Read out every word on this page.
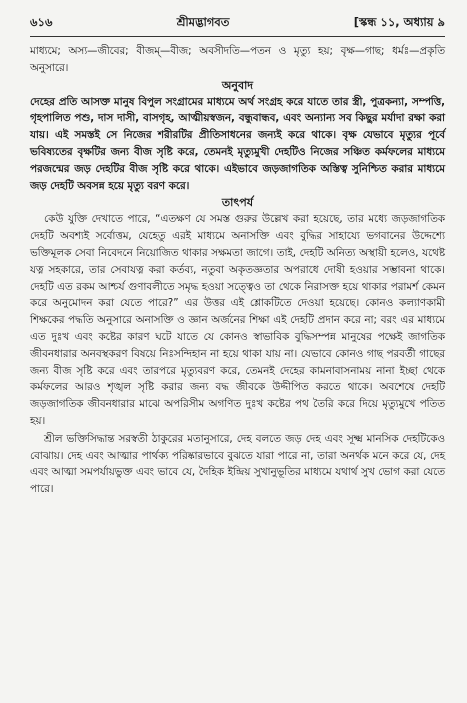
৬১৬	শ্রীমদ্ভাগবত	[স্কন্ধ ১১, অধ্যায় ৯

মাধ্যমে; অস্য—জীবের; বীজম্—বীজ; অবসীদতি—পতন ও মৃত্যু হয়; বৃক্ষ—গাছ; ধর্মঃ—প্রকৃতি অনুসারে।

অনুবাদ

দেহের প্রতি আসক্ত মানুষ বিপুল সংগ্রামের মাধ্যমে অর্থ সংগ্রহ করে যাতে তার স্ত্রী, পুত্রকন্যা, সম্পত্তি, গৃহপালিত পশু, দাস দাসী, বাসগৃহ, আত্মীয়স্বজন, বন্ধুবান্ধব, এবং অন্যান্য সব কিছুর মর্যাদা রক্ষা করা যায়। এই সমস্তই সে নিজের শরীরটির প্রীতিসাধনের জন্যই করে থাকে। বৃক্ষ যেভাবে মৃত্যুর পূর্বে ভবিষ্যতের বৃক্ষটির জন্য বীজ সৃষ্টি করে, তেমনই মৃত্যুমুখী দেহটিও নিজের সঞ্চিত কর্মফলের মাধ্যমে পরজন্মের জড় দেহটির বীজ সৃষ্টি করে থাকে। এইভাবে জড়জাগতিক অস্তিত্ব সুনিশ্চিত করার মাধ্যমে জড় দেহটি অবসন্ন হয়ে মৃত্যু বরণ করে।

তাৎপর্য

কেউ যুক্তি দেখাতে পারে, “এতক্ষণ যে সমস্ত গুরুর উল্লেখ করা হয়েছে, তার মধ্যে জড়জাগতিক দেহটি অবশ্যই সর্বোত্তম, যেহেতু এরই মাধ্যমে অনাসক্তি এবং বুদ্ধির সাহায্যে ভগবানের উদ্দেশ্যে ভক্তিমূলক সেবা নিবেদনে নিয়োজিত থাকার সক্ষমতা জাগে। তাই, দেহটি অনিত্য অস্থায়ী হলেও, যথেষ্ট যত্ন সহকারে, তার সেবাযত্ন করা কর্তব্য, নতুবা অকৃতজ্ঞতার অপরাধে দোষী হওয়ার সম্ভাবনা থাকে। দেহটি এত রকম আশ্চর্য গুণাবলীতে সমৃদ্ধ হওয়া সত্ত্বেও তা থেকে নিরাসক্ত হয়ে থাকার পরামর্শ কেমন করে অনুমোদন করা যেতে পারে?” এর উত্তর এই শ্লোকটিতে দেওয়া হয়েছে। কোনও কল্যাণকামী শিক্ষকের পদ্ধতি অনুসারে অনাসক্তি ও জ্ঞান অর্জনের শিক্ষা এই দেহটি প্রদান করে না; বরং এর মাধ্যমে এত দুঃখ এবং কষ্টের কারণ ঘটে যাতে যে কোনও স্বাভাবিক বুদ্ধিসম্পন্ন মানুষের পক্ষেই জাগতিক জীবনধারার অনবস্থকরণ বিষয়ে নিঃসন্দিহান না হয়ে থাকা যায় না। যেভাবে কোনও গাছ পরবর্তী গাছের জন্য বীজ সৃষ্টি করে এবং তারপরে মৃত্যুবরণ করে, তেমনই দেহের কামনাবাসনাময় নানা ইচ্ছা থেকে কর্মফলের আরও শৃঙ্খল সৃষ্টি করার জন্য বদ্ধ জীবকে উদ্দীপিত করতে থাকে। অবশেষে দেহটি জড়জাগতিক জীবনধারার মাঝে অপরিসীম অগণিত দুঃখ কষ্টের পথ তৈরি করে দিয়ে মৃত্যুমুখে পতিত হয়।

শ্রীল ভক্তিসিদ্ধান্ত সরস্বতী ঠাকুরের মতানুসারে, দেহ বলতে জড় দেহ এবং সূক্ষ্ম মানসিক দেহটিকেও বোঝায়। দেহ এবং আত্মার পার্থক্য পরিষ্কারভাবে বুঝতে যারা পারে না, তারা অনর্থক মনে করে যে, দেহ এবং আত্মা সমপর্যায়ভুক্ত এবং ভাবে যে, দৈহিক ইন্দ্রিয় সুখানুভূতির মাধ্যমে যথার্থ সুখ ভোগ করা যেতে পারে।
